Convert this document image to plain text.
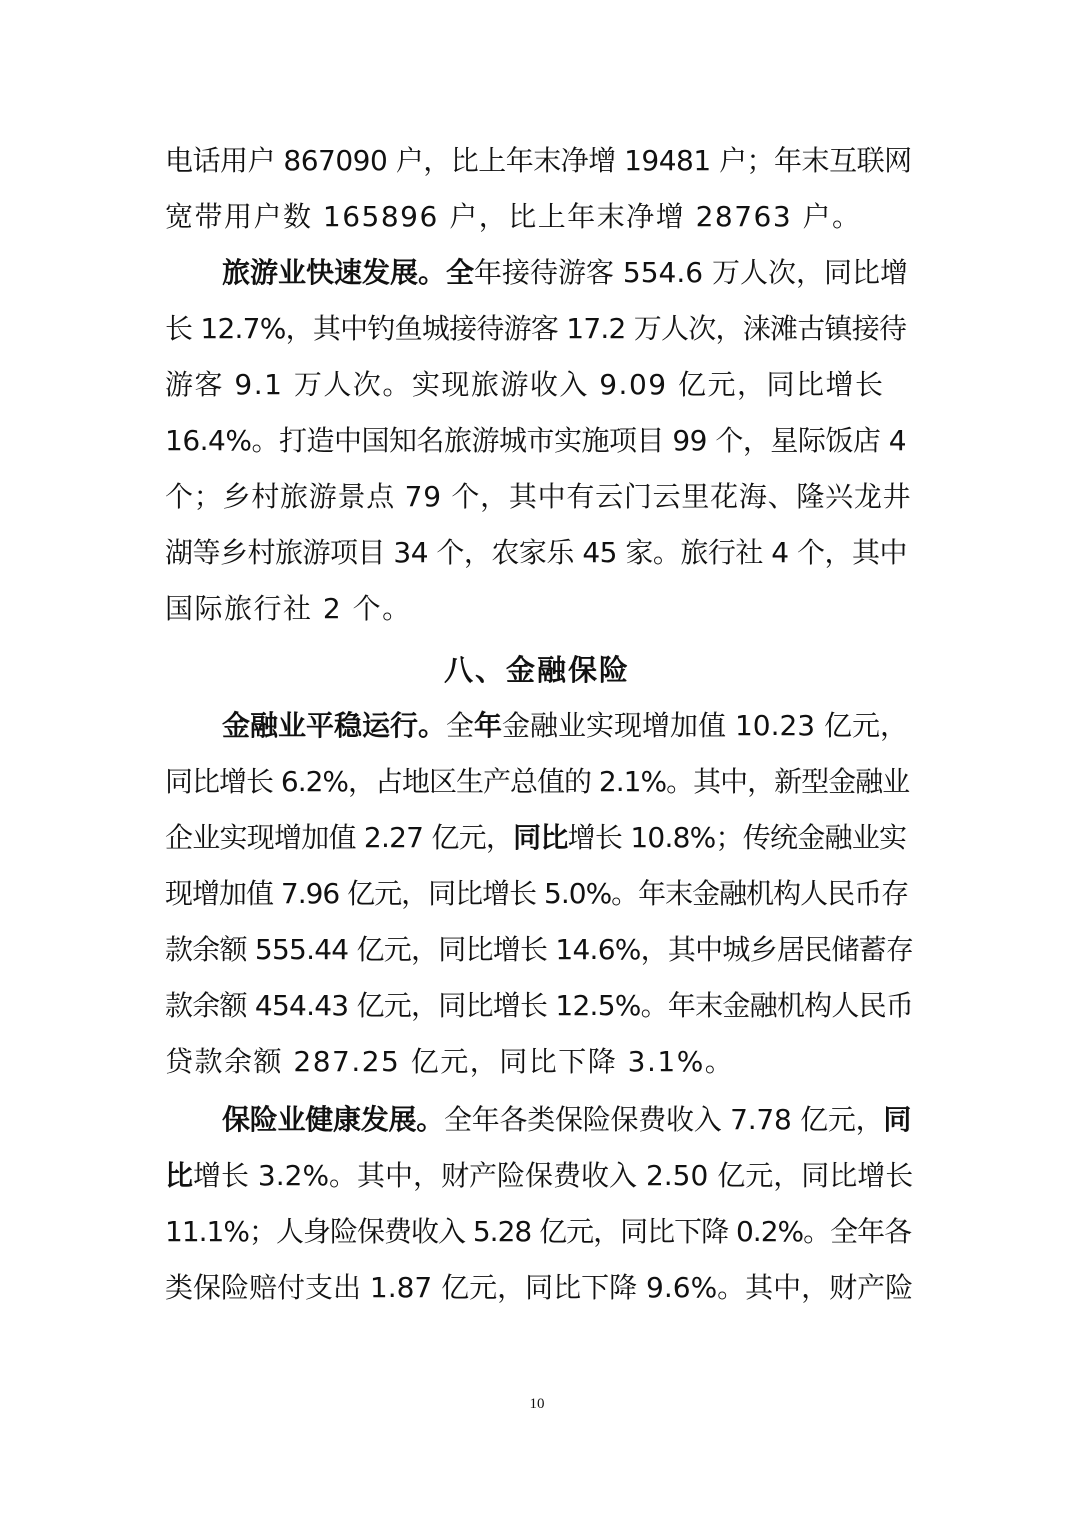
电话用户 867090 户，比上年末净增 19481 户；年末互联网
宽带用户数 165896 户，比上年末净增 28763 户。
旅游业快速发展。全年接待游客 554.6 万人次，同比增
长 12.7%，其中钓鱼城接待游客 17.2 万人次，涞滩古镇接待
游客 9.1 万人次。实现旅游收入 9.09 亿元，同比增长
16.4%。打造中国知名旅游城市实施项目 99 个，星际饭店 4
个；乡村旅游景点 79 个，其中有云门云里花海、隆兴龙井
湖等乡村旅游项目 34 个，农家乐 45 家。旅行社 4 个，其中
国际旅行社 2 个。
金融业平稳运行。全年金融业实现增加值 10.23 亿元，
同比增长 6.2%，占地区生产总值的 2.1%。其中，新型金融业
企业实现增加值 2.27 亿元，同比增长 10.8%；传统金融业实
现增加值 7.96 亿元，同比增长 5.0%。年末金融机构人民币存
款余额 555.44 亿元，同比增长 14.6%，其中城乡居民储蓄存
款余额 454.43 亿元，同比增长 12.5%。年末金融机构人民币
贷款余额 287.25 亿元，同比下降 3.1%。
保险业健康发展。全年各类保险保费收入 7.78 亿元，同
比增长 3.2%。其中，财产险保费收入 2.50 亿元，同比增长
11.1%；人身险保费收入 5.28 亿元，同比下降 0.2%。全年各
类保险赔付支出 1.87 亿元，同比下降 9.6%。其中，财产险
八、金融保险
10
